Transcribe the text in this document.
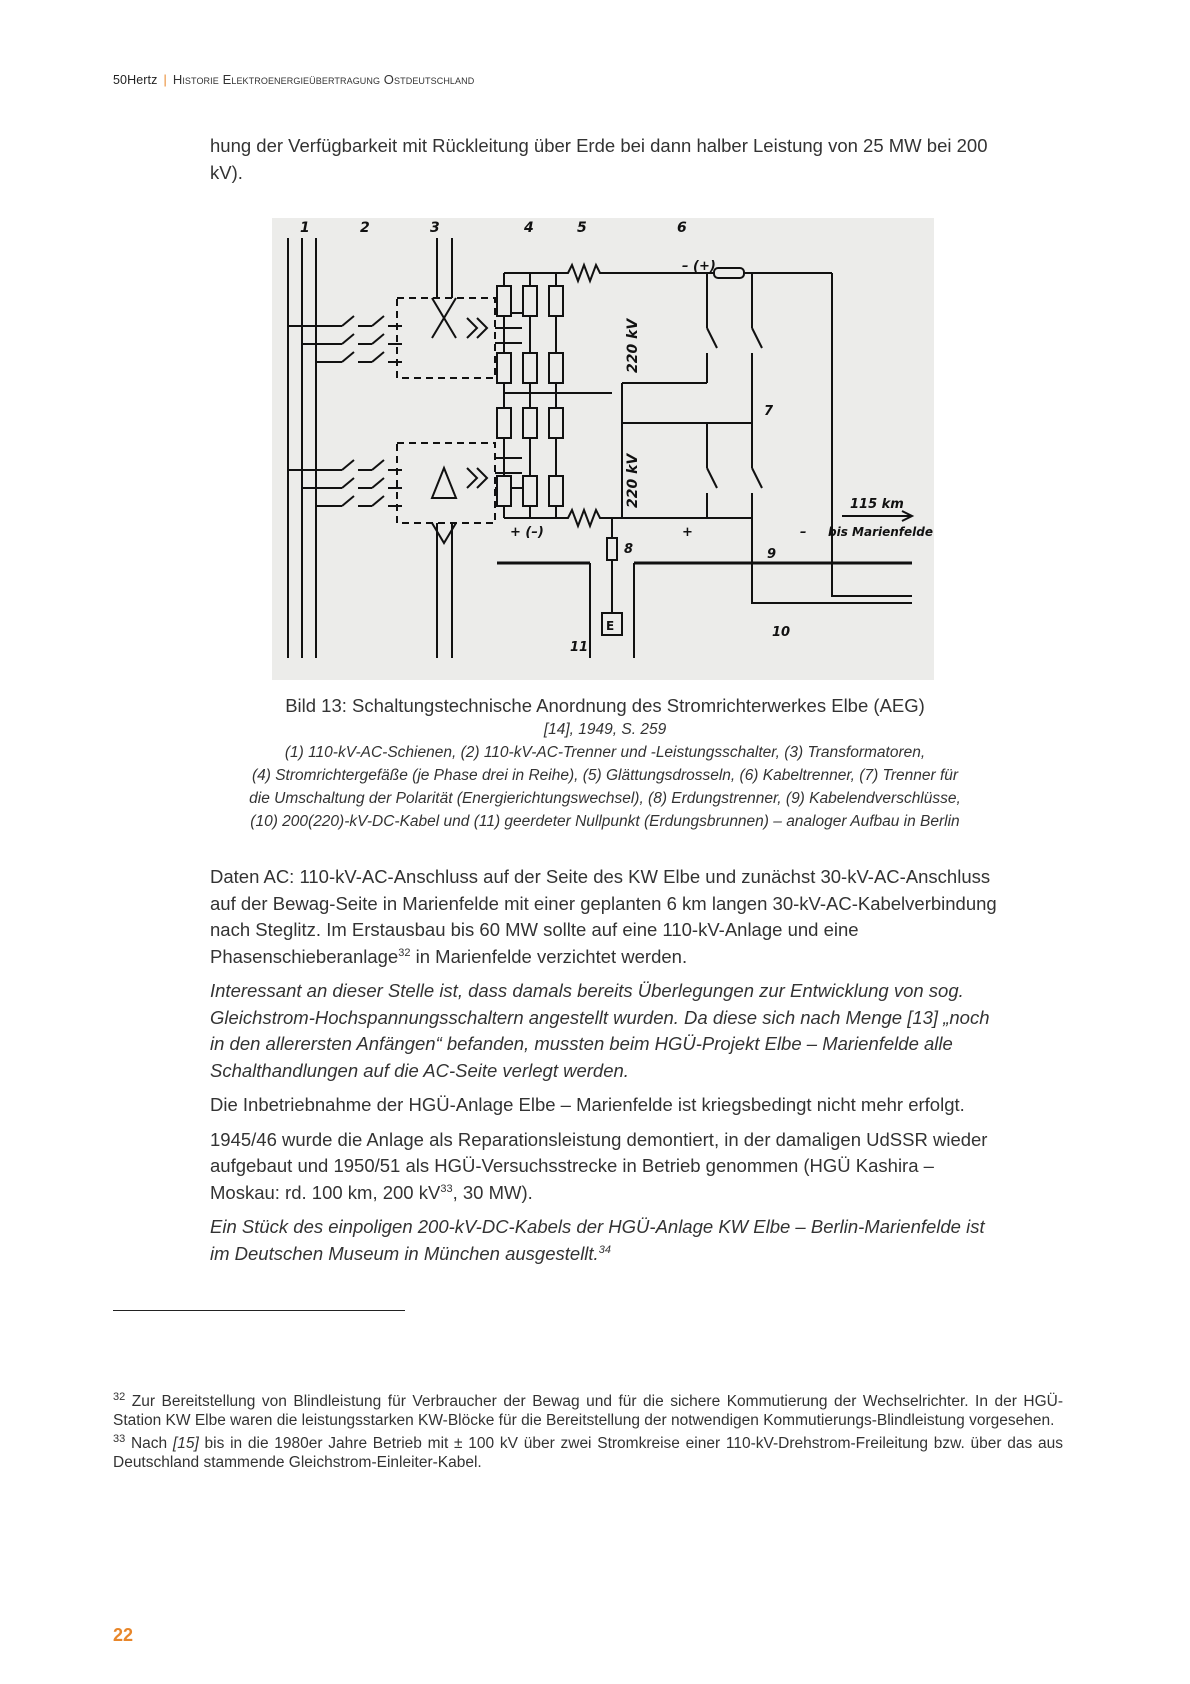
50Hertz | Historie Elektroenergieübertragung Ostdeutschland

hung der Verfügbarkeit mit Rückleitung über Erde bei dann halber Leistung von 25 MW bei 200 kV).

1	2	3	4	5	6
– (+)
220 kV
220 kV
+ (–)	+	–
115 km
bis Marienfelde
7
8	9
10
11
E
Bild 13: Schaltungstechnische Anordnung des Stromrichterwerkes Elbe (AEG)
[14], 1949, S. 259
(1) 110-kV-AC-Schienen, (2) 110-kV-AC-Trenner und -Leistungsschalter, (3) Transformatoren,
(4) Stromrichtergefäße (je Phase drei in Reihe), (5) Glättungsdrosseln, (6) Kabeltrenner, (7) Trenner für
die Umschaltung der Polarität (Energierichtungswechsel), (8) Erdungstrenner, (9) Kabelendverschlüsse,
(10) 200(220)-kV-DC-Kabel und (11) geerdeter Nullpunkt (Erdungsbrunnen) – analoger Aufbau in Berlin

Daten AC: 110-kV-AC-Anschluss auf der Seite des KW Elbe und zunächst 30-kV-AC-Anschluss auf der Bewag-Seite in Marienfelde mit einer geplanten 6 km langen 30-kV-AC-Kabelverbindung nach Steglitz. Im Erstausbau bis 60 MW sollte auf eine 110-kV-Anlage und eine Phasenschieberanlage$^{32}$ in Marienfelde verzichtet werden.

Interessant an dieser Stelle ist, dass damals bereits Überlegungen zur Entwicklung von sog. Gleichstrom-Hochspannungsschaltern angestellt wurden. Da diese sich nach Menge [13] „noch in den allerersten Anfängen“ befanden, mussten beim HGÜ-Projekt Elbe – Marienfelde alle Schalthandlungen auf die AC-Seite verlegt werden.

Die Inbetriebnahme der HGÜ-Anlage Elbe – Marienfelde ist kriegsbedingt nicht mehr erfolgt.

1945/46 wurde die Anlage als Reparationsleistung demontiert, in der damaligen UdSSR wieder aufgebaut und 1950/51 als HGÜ-Versuchsstrecke in Betrieb genommen (HGÜ Kashira – Moskau: rd. 100 km, 200 $kV^{33}$, 30 MW).

Ein Stück des einpoligen 200-kV-DC-Kabels der HGÜ-Anlage KW Elbe – Berlin-Marienfelde ist im Deutschen Museum in München ausgestellt.$^{34}$

$^{32}$ Zur Bereitstellung von Blindleistung für Verbraucher der Bewag und für die sichere Kommutierung der Wechselrichter. In der HGÜ-Station KW Elbe waren die leistungsstarken KW-Blöcke für die Bereitstellung der notwendigen Kommutierungs-Blindleistung vorgesehen.

$^{33}$ Nach [15] bis in die 1980er Jahre Betrieb mit ± 100 kV über zwei Stromkreise einer 110-kV-Drehstrom-Freileitung bzw. über das aus Deutschland stammende Gleichstrom-Einleiter-Kabel.

22
